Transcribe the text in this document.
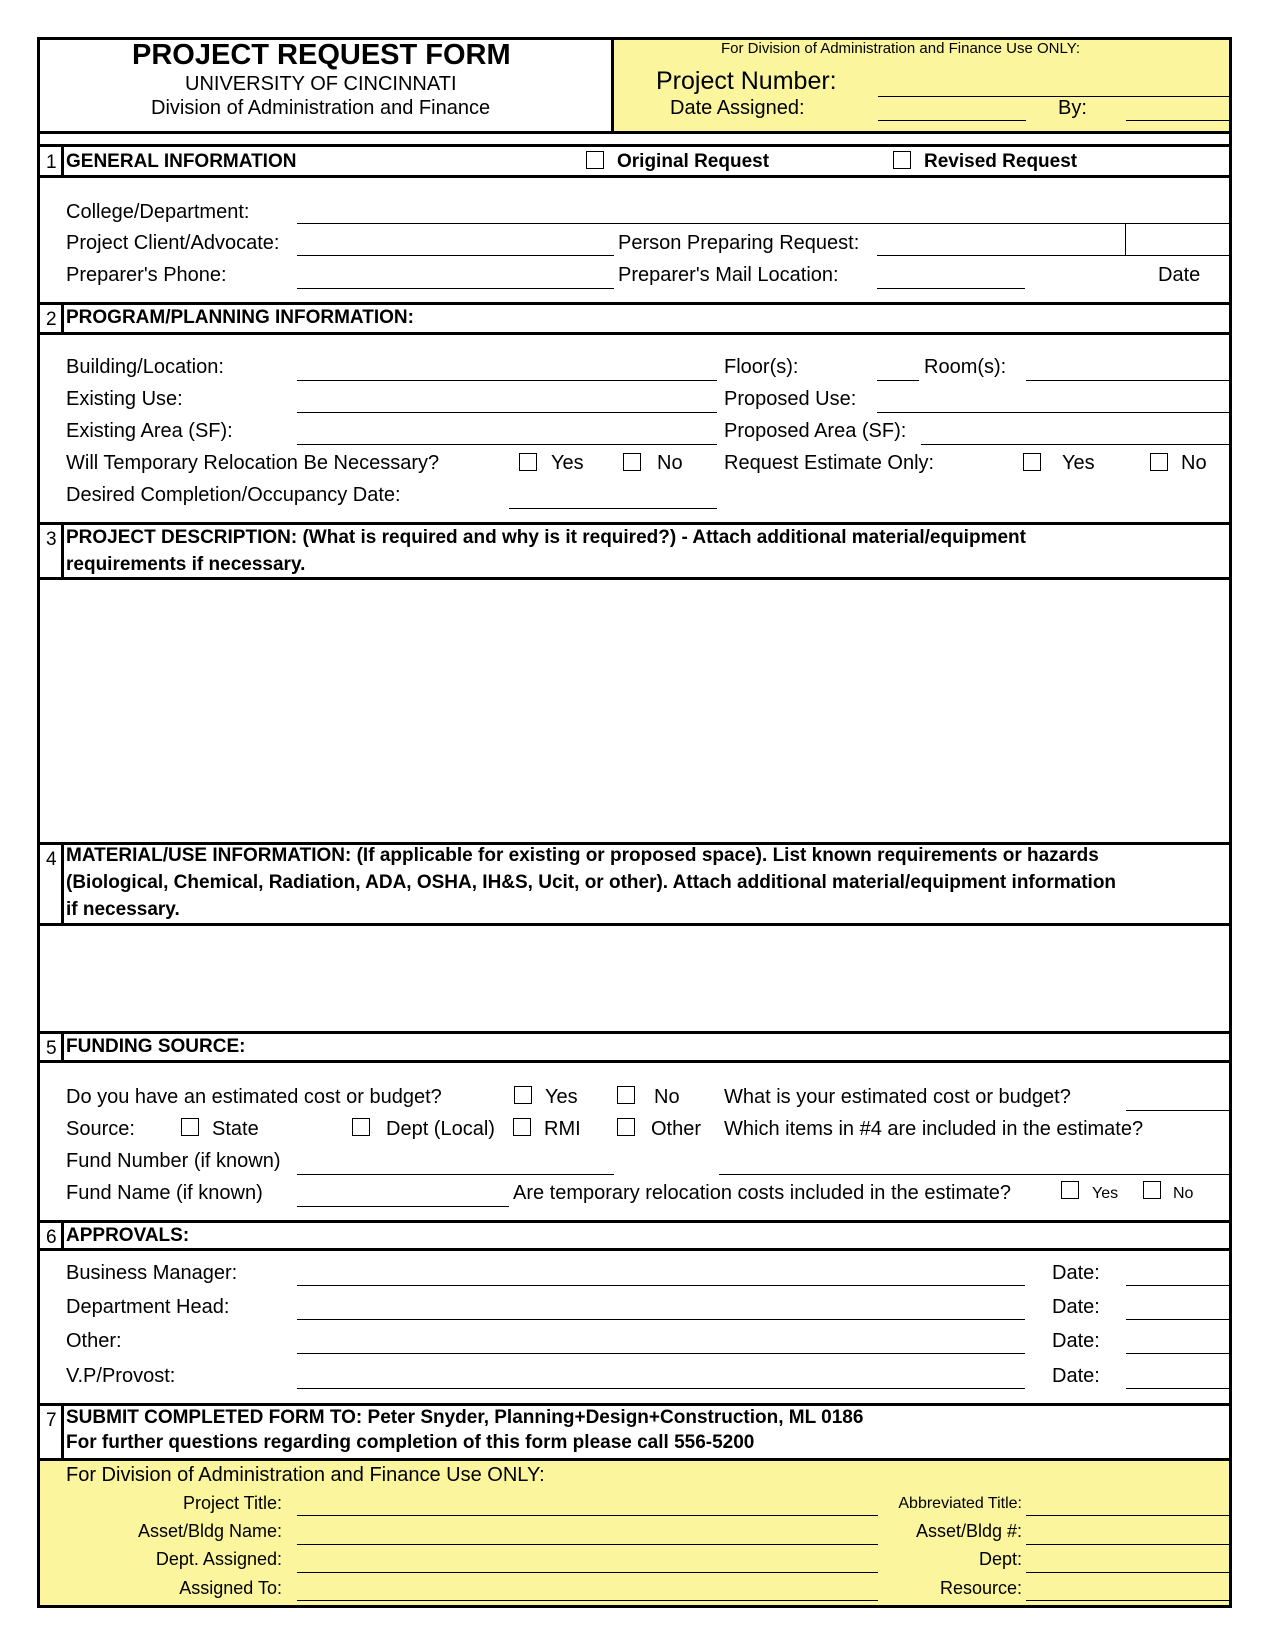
PROJECT REQUEST FORM
UNIVERSITY OF CINCINNATI
Division of Administration and Finance
For Division of Administration and Finance Use ONLY:
Project Number:
Date Assigned:	By:
1 GENERAL INFORMATION	Original Request	Revised Request
College/Department:
Project Client/Advocate:	Person Preparing Request:
Preparer's Phone:	Preparer's Mail Location:	Date
2 PROGRAM/PLANNING INFORMATION:
Building/Location:	Floor(s):	Room(s):
Existing Use:	Proposed Use:
Existing Area (SF):	Proposed Area (SF):
Will Temporary Relocation Be Necessary?	Yes	No Request Estimate Only:	Yes	No
Desired Completion/Occupancy Date:
3 PROJECT DESCRIPTION: (What is required and why is it required?) - Attach additional material/equipment
requirements if necessary.
4 MATERIAL/USE INFORMATION: (If applicable for existing or proposed space). List known requirements or hazards
(Biological, Chemical, Radiation, ADA, OSHA, IH&S, Ucit, or other). Attach additional material/equipment information
if necessary.
5 FUNDING SOURCE:
Do you have an estimated cost or budget?	Yes	No What is your estimated cost or budget?
Source:	State	Dept (Local) RMI	Other Which items in #4 are included in the estimate?
Fund Number (if known)
Fund Name (if known)	Are temporary relocation costs included in the estimate?	Yes	No
6 APPROVALS:
Business Manager:	Date:
Department Head:	Date:
Other:	Date:
V.P/Provost:	Date:
7 SUBMIT COMPLETED FORM TO: Peter Snyder, Planning+Design+Construction, ML 0186
For further questions regarding completion of this form please call 556-5200
For Division of Administration and Finance Use ONLY:
Project Title:	Abbreviated Title:
Asset/Bldg Name:	Asset/Bldg #:
Dept. Assigned:	Dept:
Assigned To:	Resource:
